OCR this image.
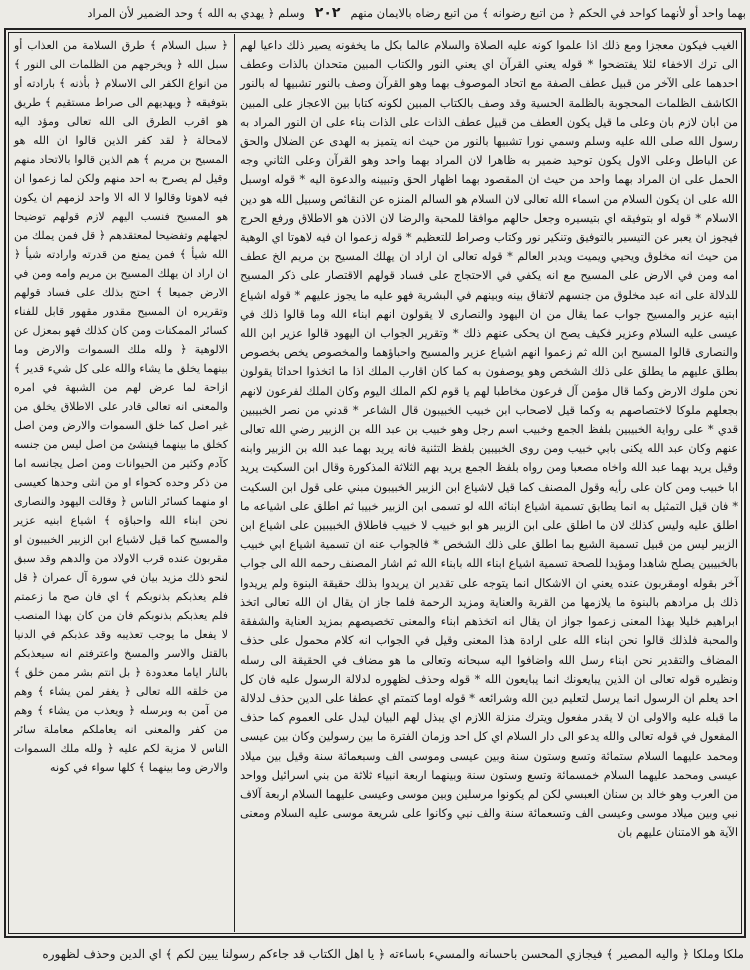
وسلم ﴿ يهدي به الله ﴾ وحد الضمير لأن المراد ٢٠٢ بهما واحد أو لأنهما كواحد في الحكم ﴿ من اتبع رضوانه ﴾ من اتبع رضاه بالايمان منهم

الغيب فيكون معجزا ومع ذلك اذا علموا كونه عليه الصلاة والسلام عالما بكل ما يخفونه يصير ذلك داعيا لهم الى ترك الاخفاء لئلا يفتضحوا * قوله يعني القرآن اي يعني النور والكتاب المبين متحدان بالذات وعطف احدهما على الآخر من قبيل عطف الصفة مع اتحاد الموصوف بهما وهو القرآن وصف بالنور تشبيها له بالنور الكاشف الظلمات المحجوبة بالظلمة الحسية وقد وصف بالكتاب المبين لكونه كتابا بين الاعجاز على المبين من ابان لازم بان وعلى ما قيل يكون العطف من قبيل عطف الذات على الذات بناء على ان النور المراد به رسول الله صلى الله عليه وسلم وسمي نورا تشبيها بالنور من حيث انه يتميز به الهدى عن الضلال والحق عن الباطل وعلى الاول يكون توحيد ضمير به ظاهرا لان المراد بهما واحد وهو القرآن وعلى الثاني وجه الحمل على ان المراد بهما واحد من حيث ان المقصود بهما اظهار الحق وتبيينه والدعوة اليه * قوله اوسبل الله على ان يكون السلام من اسماء الله تعالى لان السلام هو السالم المنزه عن النقائص وسبيل الله هو دين الاسلام * قوله او بتوفيقه اي بتيسيره وجعل حالهم موافقا للمحبة والرضا لان الاذن هو الاطلاق ورفع الحرج فيجوز ان يعبر عن التيسير بالتوفيق وتنكير نور وكتاب وصراط للتعظيم * قوله زعموا ان فيه لاهوتا اي الوهية من حيث انه مخلوق ويحيي ويميت ويدبر العالم * قوله تعالى ان اراد ان يهلك المسيح بن مريم الخ عطف امه ومن في الارض على المسيح مع انه يكفي في الاحتجاج على فساد قولهم الاقتصار على ذكر المسيح للدلالة على انه عبد مخلوق من جنسهم لاتفاق بينه وبينهم في البشرية فهو عليه ما يجوز عليهم * قوله اشياع ابنيه عزير والمسيح جواب عما يقال من ان اليهود والنصارى لا يقولون انهم ابناء الله وما قالوا ذلك في عيسى عليه السلام وعزير فكيف يصح ان يحكى عنهم ذلك * وتقرير الجواب ان اليهود قالوا عزير ابن الله والنصارى قالوا المسيح ابن الله ثم زعموا انهم اشياع عزير والمسيح واحباؤهما والمخصوص يخص بخصوص بطلق عليهم ما يطلق على ذلك الشخص وهو يوصفون به كما كان اقارب الملك اذا ما اتخذوا احداثا يقولون نحن ملوك الارض وكما قال مؤمن آل فرعون مخاطبا لهم يا قوم لكم الملك اليوم وكان الملك لفرعون لانهم بجعلهم ملوكا لاختصاصهم به وكما قيل لاصحاب ابن خبيب الخبيبون قال الشاعر * قدني من نصر الخبيبين قدي * على رواية الخبيبين بلفظ الجمع وخبيب اسم رجل وهو خبيب بن عبد الله بن الزبير رضي الله تعالى عنهم وكان عبد الله يكنى بابي خبيب ومن روى الخبيبين بلفظ التثنية فانه يريد بهما عبد الله بن الزبير وابنه وقيل يريد بهما عبد الله واخاه مصعبا ومن رواه بلفظ الجمع يريد بهم الثلاثة المذكورة وقال ابن السكيت يريد ابا خبيب ومن كان على رأيه وقول المصنف كما قيل لاشياع ابن الزبير الخبيبون مبني على قول ابن السكيت * فان قيل التمثيل به انما يطابق تسمية اشياع ابنائه الله لو تسمى ابن الزبير خبيبا ثم اطلق على اشياعه ما اطلق عليه وليس كذلك لان ما اطلق على ابن الزبير هو ابو خبيب لا خبيب فاطلاق الخبيبين على اشياع ابن الزبير ليس من قبيل تسمية الشيع بما اطلق على ذلك الشخص * فالجواب عنه ان تسمية اشياع ابي خبيب بالخبيبين يصلح شاهدا ومؤيدا للصحة تسمية اشياع ابناء الله بابناء الله ثم اشار المصنف رحمه الله الى جواب آخر بقوله اومقربون عنده يعني ان الاشكال انما يتوجه على تقدير ان يريدوا بذلك حقيقة البنوة ولم يريدوا ذلك بل مرادهم بالبنوة ما يلازمها من القربة والعناية ومزيد الرحمة فلما جاز ان يقال ان الله تعالى اتخذ ابراهيم خليلا بهذا المعنى زعموا جواز ان يقال انه اتخذهم ابناء والمعنى تخصيصهم بمزيد العناية والشفقة والمحبة فلذلك قالوا نحن ابناء الله على ارادة هذا المعنى وقيل في الجواب انه كلام محمول على حذف المضاف والتقدير نحن ابناء رسل الله واضافوا اليه سبحانه وتعالى ما هو مضاف في الحقيقة الى رسله ونظيره قوله تعالى ان الذين يبايعونك انما يبايعون الله * قوله وحذف لظهوره لدلالة الرسول عليه فان كل احد يعلم ان الرسول انما يرسل لتعليم دين الله وشرائعه * قوله اوما كتمتم اي عطفا على الدين حذف لدلالة ما قبله عليه والاولى ان لا يقدر مفعول ويترك منزلة اللازم اي يبذل لهم البيان ليدل على العموم كما حذف المفعول في قوله تعالى والله يدعو الى دار السلام اي كل احد وزمان الفترة ما بين رسولين وكان بين عيسى ومحمد عليهما السلام ستمائة وتسع وستون سنة وبين عيسى وموسى الف وسبعمائة سنة وقيل بين ميلاد عيسى ومحمد عليهما السلام خمسمائة وتسع وستون سنة وبينهما اربعة انبياء ثلاثة من بني اسرائيل وواحد من العرب وهو خالد بن سنان العبسي لكن لم يكونوا مرسلين وبين موسى وعيسى عليهما السلام اربعة آلاف نبي وبين ميلاد موسى وعيسى الف وتسعمائة سنة والف نبي وكانوا على شريعة موسى عليه السلام ومعنى الآية هو الامتنان عليهم بان

﴿ سبل السلام ﴾ طرق السلامة من العذاب أو سبل الله ﴿ ويخرجهم من الظلمات الى النور ﴾ من انواع الكفر الى الاسلام ﴿ بأذنه ﴾ بارادته أو بتوفيقه ﴿ ويهديهم الى صراط مستقيم ﴾ طريق هو اقرب الطرق الى الله تعالى ومؤد اليه لامحالة ﴿ لقد كفر الذين قالوا ان الله هو المسيح بن مريم ﴾ هم الذين قالوا بالاتحاد منهم وقيل لم يصرح به احد منهم ولكن لما زعموا ان فيه لاهوتا وقالوا لا اله الا واحد لزمهم ان يكون هو المسيح فنسب اليهم لازم قولهم توضيحا لجهلهم وتفضيحا لمعتقدهم ﴿ قل فمن يملك من الله شيأ ﴾ فمن يمنع من قدرته وارادته شيأ ﴿ ان اراد ان يهلك المسيح بن مريم وامه ومن في الارض جميعا ﴾ احتج بذلك على فساد قولهم وتقريره ان المسيح مقدور مقهور قابل للفناء كسائر الممكنات ومن كان كذلك فهو بمعزل عن الالوهية ﴿ ولله ملك السموات والارض وما بينهما يخلق ما يشاء والله على كل شيء قدير ﴾ ازاحة لما عرض لهم من الشبهة في امره والمعنى انه تعالى قادر على الاطلاق يخلق من غير اصل كما خلق السموات والارض ومن اصل كخلق ما بينهما فينشئ من اصل ليس من جنسه كآدم وكثير من الحيوانات ومن اصل يجانسه اما من ذكر وحده كحواء او من انثى وحدها كعيسى او منهما كسائر الناس ﴿ وقالت اليهود والنصارى نحن ابناء الله واحباؤه ﴾ اشياع ابنيه عزير والمسيح كما قيل لاشياع ابن الزبير الخبيبون او مقربون عنده قرب الاولاد من والدهم وقد سبق لنحو ذلك مزيد بيان في سورة آل عمران ﴿ قل فلم يعذبكم بذنوبكم ﴾ اي فان صح ما زعمتم فلم يعذبكم بذنوبكم فان من كان بهذا المنصب لا يفعل ما يوجب تعذيبه وقد عذبكم في الدنيا بالقتل والاسر والمسخ واعترفتم انه سيعذبكم بالنار اياما معدودة ﴿ بل انتم بشر ممن خلق ﴾ من خلقه الله تعالى ﴿ يغفر لمن يشاء ﴾ وهم من آمن به وبرسله ﴿ ويعذب من يشاء ﴾ وهم من كفر والمعنى انه يعاملكم معاملة سائر الناس لا مزية لكم عليه ﴿ ولله ملك السموات والارض وما بينهما ﴾ كلها سواء في كونه

ملكا وملكا ﴿ واليه المصير ﴾ فيجازي المحسن باحسانه والمسيء باساءته ﴿ يا اهل الكتاب قد جاءكم رسولنا يبين لكم ﴾ اي الدين وحذف لظهوره
